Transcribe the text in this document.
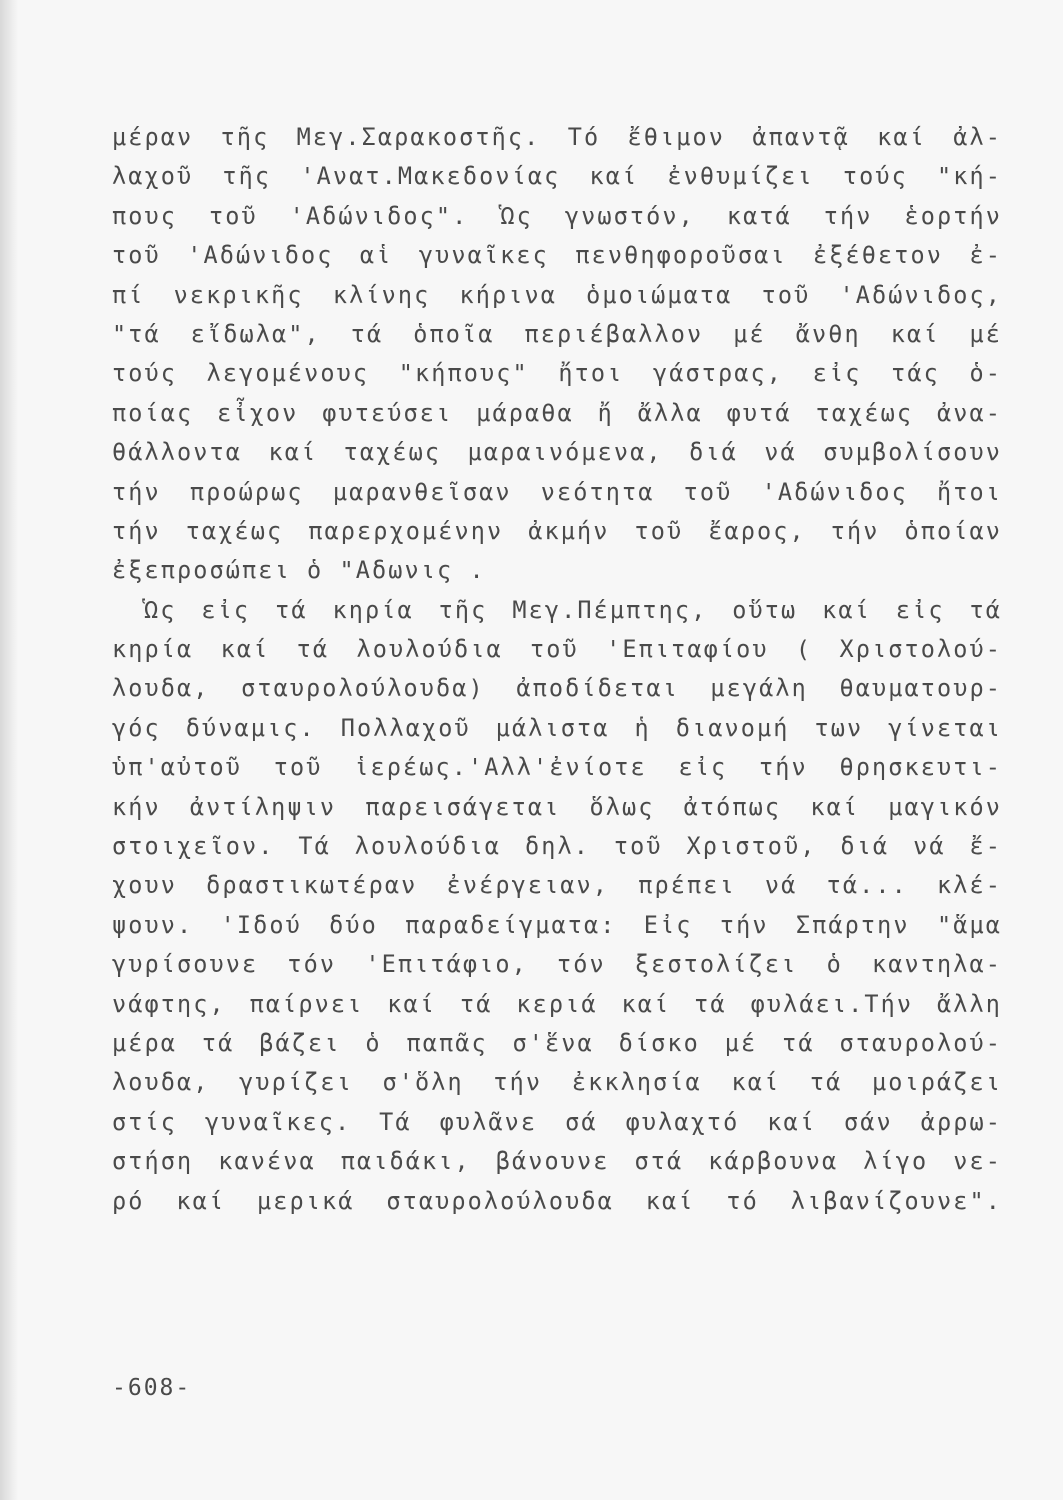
μέραν τῆς Μεγ.Σαρακοστῆς. Τό ἔθιμον ἀπαντᾷ καί ἀλ-
λαχοῦ τῆς 'Ανατ.Μακεδονίας καί ἐνθυμίζει τούς "κή-
πους τοῦ 'Αδώνιδος". Ὡς γνωστόν, κατά τήν ἑορτήν
τοῦ 'Αδώνιδος αἱ γυναῖκες πενθηφοροῦσαι ἐξέθετον ἐ-
πί νεκρικῆς κλίνης κήρινα ὁμοιώματα τοῦ 'Αδώνιδος,
"τά εἴδωλα", τά ὁποῖα περιέβαλλον μέ ἄνθη καί μέ
τούς λεγομένους "κήπους" ἤτοι γάστρας, εἰς τάς ὁ-
ποίας εἶχον φυτεύσει μάραθα ἤ ἄλλα φυτά ταχέως ἀνα-
θάλλοντα καί ταχέως μαραινόμενα, διά νά συμβολίσουν
τήν προώρως μαρανθεῖσαν νεότητα τοῦ 'Αδώνιδος ἤτοι
τήν ταχέως παρερχομένην ἀκμήν τοῦ ἔαρος, τήν ὁποίαν
ἐξεπροσώπει ὁ "Αδωνις .
Ὡς εἰς τά κηρία τῆς Μεγ.Πέμπτης, οὕτω καί εἰς τά
κηρία καί τά λουλούδια τοῦ 'Επιταφίου ( Χριστολού-
λουδα, σταυρολούλουδα) ἀποδίδεται μεγάλη θαυματουρ-
γός δύναμις. Πολλαχοῦ μάλιστα ἡ διανομή των γίνεται
ὑπ'αὐτοῦ τοῦ ἱερέως.'Αλλ'ἐνίοτε εἰς τήν θρησκευτι-
κήν ἀντίληψιν παρεισάγεται ὅλως ἀτόπως καί μαγικόν
στοιχεῖον. Τά λουλούδια δηλ. τοῦ Χριστοῦ, διά νά ἔ-
χουν δραστικωτέραν ἐνέργειαν, πρέπει νά τά... κλέ-
ψουν. 'Ιδού δύο παραδείγματα: Εἰς τήν Σπάρτην "ἅμα
γυρίσουνε τόν 'Επιτάφιο, τόν ξεστολίζει ὁ καντηλα-
νάφτης, παίρνει καί τά κεριά καί τά φυλάει.Τήν ἄλλη
μέρα τά βάζει ὁ παπᾶς σ'ἕνα δίσκο μέ τά σταυρολού-
λουδα, γυρίζει σ'ὅλη τήν ἐκκλησία καί τά μοιράζει
στίς γυναῖκες. Τά φυλᾶνε σά φυλαχτό καί σάν ἀρρω-
στήση κανένα παιδάκι, βάνουνε στά κάρβουνα λίγο νε-
ρό καί μερικά σταυρολούλουδα καί τό λιβανίζουνε".
-608-
